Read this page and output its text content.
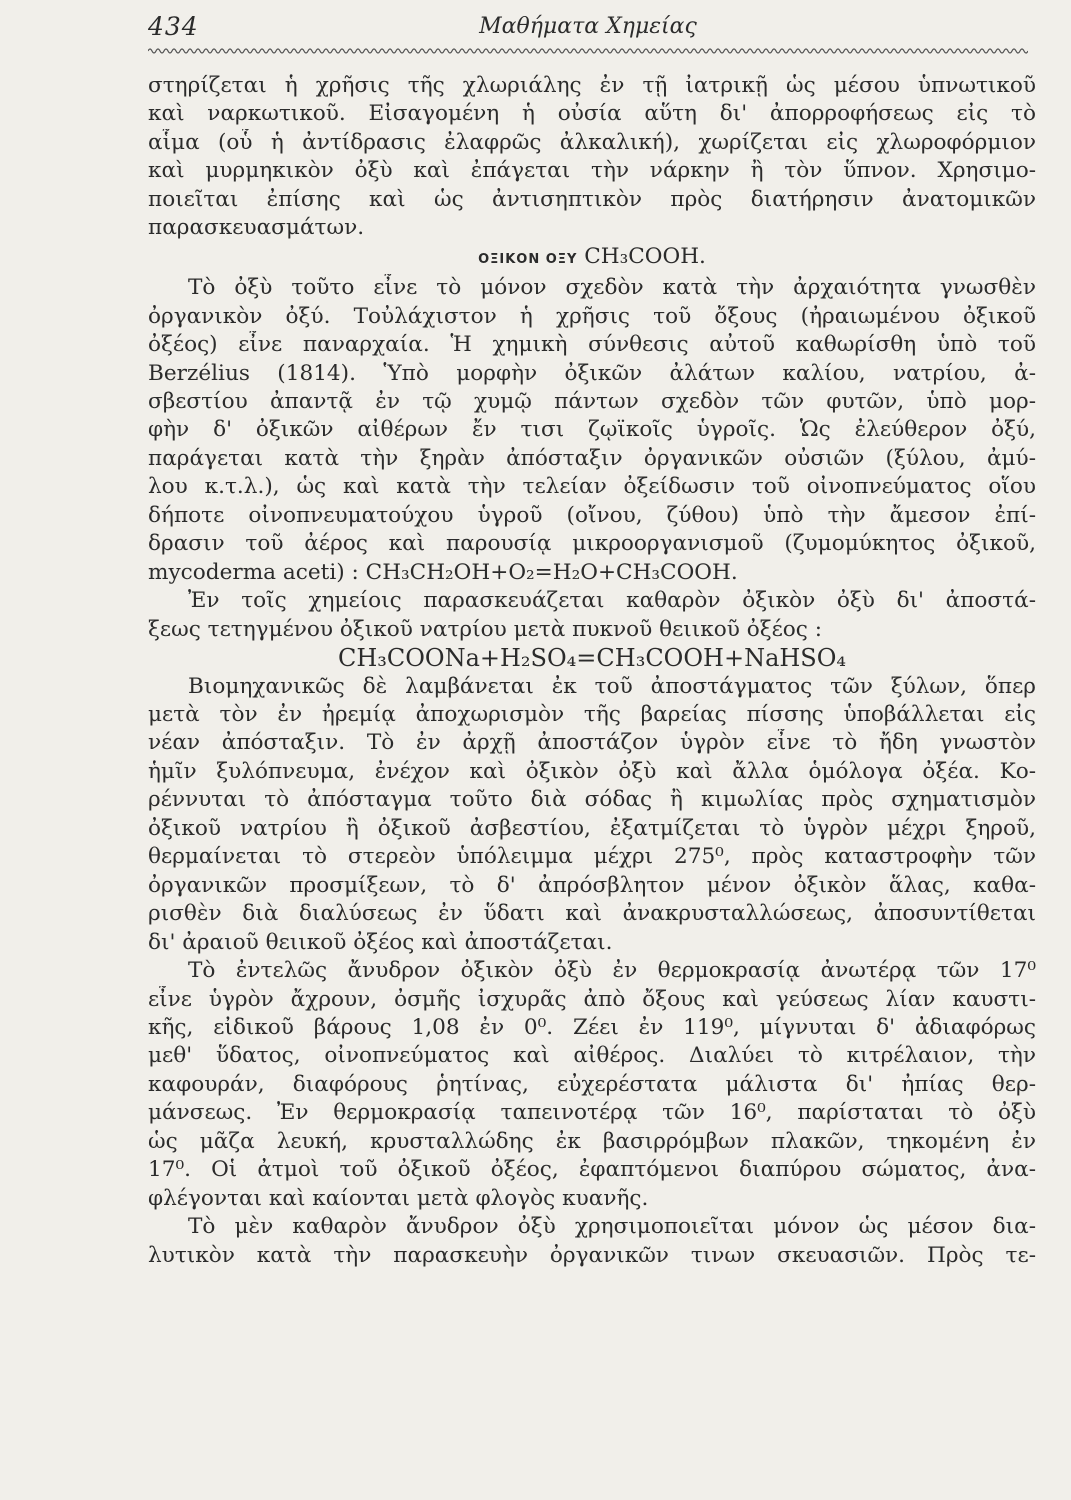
434	Μαθήματα Χημείας
στηρίζεται ἡ χρῆσις τῆς χλωριάλης ἐν τῇ ἰατρικῇ ὡς μέσου ὑπνωτικοῦ
καὶ ναρκωτικοῦ. Εἰσαγομένη ἡ οὐσία αὕτη δι' ἀπορροφήσεως εἰς τὸ
αἷμα (οὗ ἡ ἀντίδρασις ἐλαφρῶς ἀλκαλική), χωρίζεται εἰς χλωροφόρμιον
καὶ μυρμηκικὸν ὀξὺ καὶ ἐπάγεται τὴν νάρκην ἢ τὸν ὕπνον. Χρησιμο-
ποιεῖται ἐπίσης καὶ ὡς ἀντισηπτικὸν πρὸς διατήρησιν ἀνατομικῶν
παρασκευασμάτων.
ΟΞΙΚΟΝ ΟΞΥ CH₃COOH.
Τὸ ὀξὺ τοῦτο εἶνε τὸ μόνον σχεδὸν κατὰ τὴν ἀρχαιότητα γνωσθὲν
ὀργανικὸν ὀξύ. Τοὐλάχιστον ἡ χρῆσις τοῦ ὄξους (ἠραιωμένου ὀξικοῦ
ὀξέος) εἶνε παναρχαία. Ἡ χημικὴ σύνθεσις αὐτοῦ καθωρίσθη ὑπὸ τοῦ
Berzélius (1814). Ὑπὸ μορφὴν ὀξικῶν ἀλάτων καλίου, νατρίου, ἀ-
σβεστίου ἀπαντᾷ ἐν τῷ χυμῷ πάντων σχεδὸν τῶν φυτῶν, ὑπὸ μορ-
φὴν δ' ὀξικῶν αἰθέρων ἔν τισι ζῳϊκοῖς ὑγροῖς. Ὡς ἐλεύθερον ὀξύ,
παράγεται κατὰ τὴν ξηρὰν ἀπόσταξιν ὀργανικῶν οὐσιῶν (ξύλου, ἀμύ-
λου κ.τ.λ.), ὡς καὶ κατὰ τὴν τελείαν ὀξείδωσιν τοῦ οἰνοπνεύματος οἵου
δήποτε οἰνοπνευματούχου ὑγροῦ (οἴνου, ζύθου) ὑπὸ τὴν ἄμεσον ἐπί-
δρασιν τοῦ ἀέρος καὶ παρουσίᾳ μικροοργανισμοῦ (ζυμομύκητος ὀξικοῦ,
mycoderma aceti) : CH₃CH₂OH+O₂=H₂O+CH₃COOH.
Ἐν τοῖς χημείοις παρασκευάζεται καθαρὸν ὀξικὸν ὀξὺ δι' ἀποστά-
ξεως τετηγμένου ὀξικοῦ νατρίου μετὰ πυκνοῦ θειικοῦ ὀξέος :
CH₃COONa+H₂SO₄=CH₃COOH+NaHSO₄
Βιομηχανικῶς δὲ λαμβάνεται ἐκ τοῦ ἀποστάγματος τῶν ξύλων, ὅπερ
μετὰ τὸν ἐν ἠρεμίᾳ ἀποχωρισμὸν τῆς βαρείας πίσσης ὑποβάλλεται εἰς
νέαν ἀπόσταξιν. Τὸ ἐν ἀρχῇ ἀποστάζον ὑγρὸν εἶνε τὸ ἤδη γνωστὸν
ἡμῖν ξυλόπνευμα, ἐνέχον καὶ ὀξικὸν ὀξὺ καὶ ἄλλα ὁμόλογα ὀξέα. Κο-
ρέννυται τὸ ἀπόσταγμα τοῦτο διὰ σόδας ἢ κιμωλίας πρὸς σχηματισμὸν
ὀξικοῦ νατρίου ἢ ὀξικοῦ ἀσβεστίου, ἐξατμίζεται τὸ ὑγρὸν μέχρι ξηροῦ,
θερμαίνεται τὸ στερεὸν ὑπόλειμμα μέχρι 275⁰, πρὸς καταστροφὴν τῶν
ὀργανικῶν προσμίξεων, τὸ δ' ἀπρόσβλητον μένον ὀξικὸν ἅλας, καθα-
ρισθὲν διὰ διαλύσεως ἐν ὕδατι καὶ ἀνακρυσταλλώσεως, ἀποσυντίθεται
δι' ἀραιοῦ θειικοῦ ὀξέος καὶ ἀποστάζεται.
Τὸ ἐντελῶς ἄνυδρον ὀξικὸν ὀξὺ ἐν θερμοκρασίᾳ ἀνωτέρᾳ τῶν 17⁰
εἶνε ὑγρὸν ἄχρουν, ὀσμῆς ἰσχυρᾶς ἀπὸ ὄξους καὶ γεύσεως λίαν καυστι-
κῆς, εἰδικοῦ βάρους 1,08 ἐν 0⁰. Ζέει ἐν 119⁰, μίγνυται δ' ἀδιαφόρως
μεθ' ὕδατος, οἰνοπνεύματος καὶ αἰθέρος. Διαλύει τὸ κιτρέλαιον, τὴν
καφουράν, διαφόρους ῥητίνας, εὐχερέστατα μάλιστα δι' ἠπίας θερ-
μάνσεως. Ἐν θερμοκρασίᾳ ταπεινοτέρᾳ τῶν 16⁰, παρίσταται τὸ ὀξὺ
ὡς μᾶζα λευκή, κρυσταλλώδης ἐκ βασιρρόμβων πλακῶν, τηκομένη ἐν
17⁰. Οἱ ἀτμοὶ τοῦ ὀξικοῦ ὀξέος, ἐφαπτόμενοι διαπύρου σώματος, ἀνα-
φλέγονται καὶ καίονται μετὰ φλογὸς κυανῆς.
Τὸ μὲν καθαρὸν ἄνυδρον ὀξὺ χρησιμοποιεῖται μόνον ὡς μέσον δια-
λυτικὸν κατὰ τὴν παρασκευὴν ὀργανικῶν τινων σκευασιῶν. Πρὸς τε-
